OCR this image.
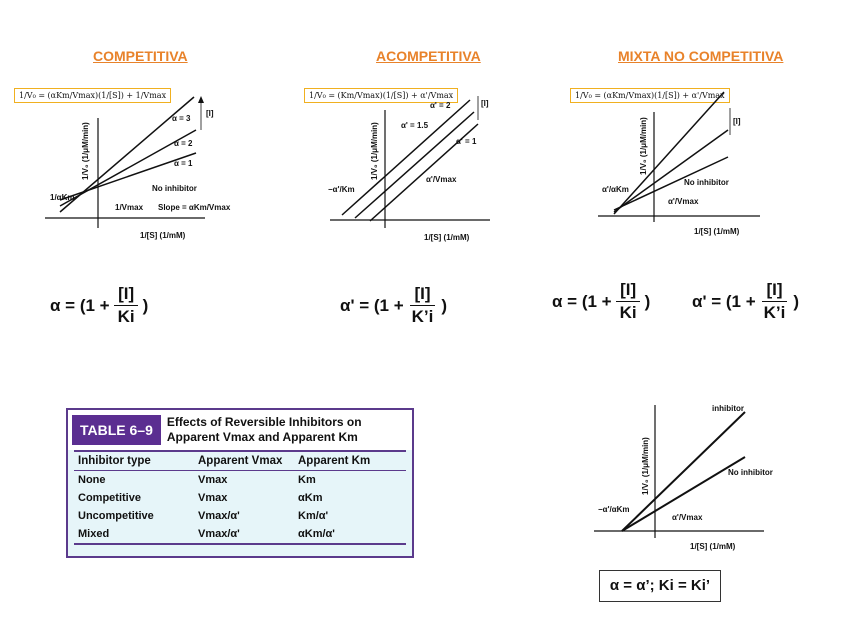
COMPETITIVA	ACOMPETITIVA	MIXTA NO COMPETITIVA
1/V₀ = (αKm/Vmax)(1/[S]) + 1/Vmax	1/V₀ = (Km/Vmax)(1/[S]) + α'/Vmax	1/V₀ = (αKm/Vmax)(1/[S]) + α'/Vmax
[I]
α = 3
α = 2
α = 1
No inhibitor
1/αKm
1/Vmax Slope = αKm/Vmax
1/[S] (1/mM)
1/V₀ (1/μM/min)
[I]
α' = 2
α' = 1.5
α' = 1
−α'/Km
α'/Vmax
1/[S] (1/mM)
1/V₀ (1/μM/min)
[I]
No inhibitor
α'/αKm
α'/Vmax
1/[S] (1/mM)
1/V₀ (1/μM/min)
inhibitor
No inhibitor
−α'/αKm
α'/Vmax
1/[S] (1/mM)
1/V₀ (1/μM/min)
$\alpha = (1 + \frac{[I]}{Ki}$ )	$\alpha' = (1 + \frac{[I]}{K’i}$ )	$\alpha = (1 + \frac{[I]}{Ki}$ ) $\alpha' = (1 + \frac{[I]}{K’i}$ )
TABLE 6–9	Effects of Reversible Inhibitors on
Apparent Vmax and Apparent Km
Inhibitor type	Apparent Vmax	Apparent Km
None	Vmax	Km
Competitive	Vmax	αKm
Uncompetitive	Vmax/α'	Km/α'
Mixed	Vmax/α'	αKm/α'
α = α’; Ki = Ki’
